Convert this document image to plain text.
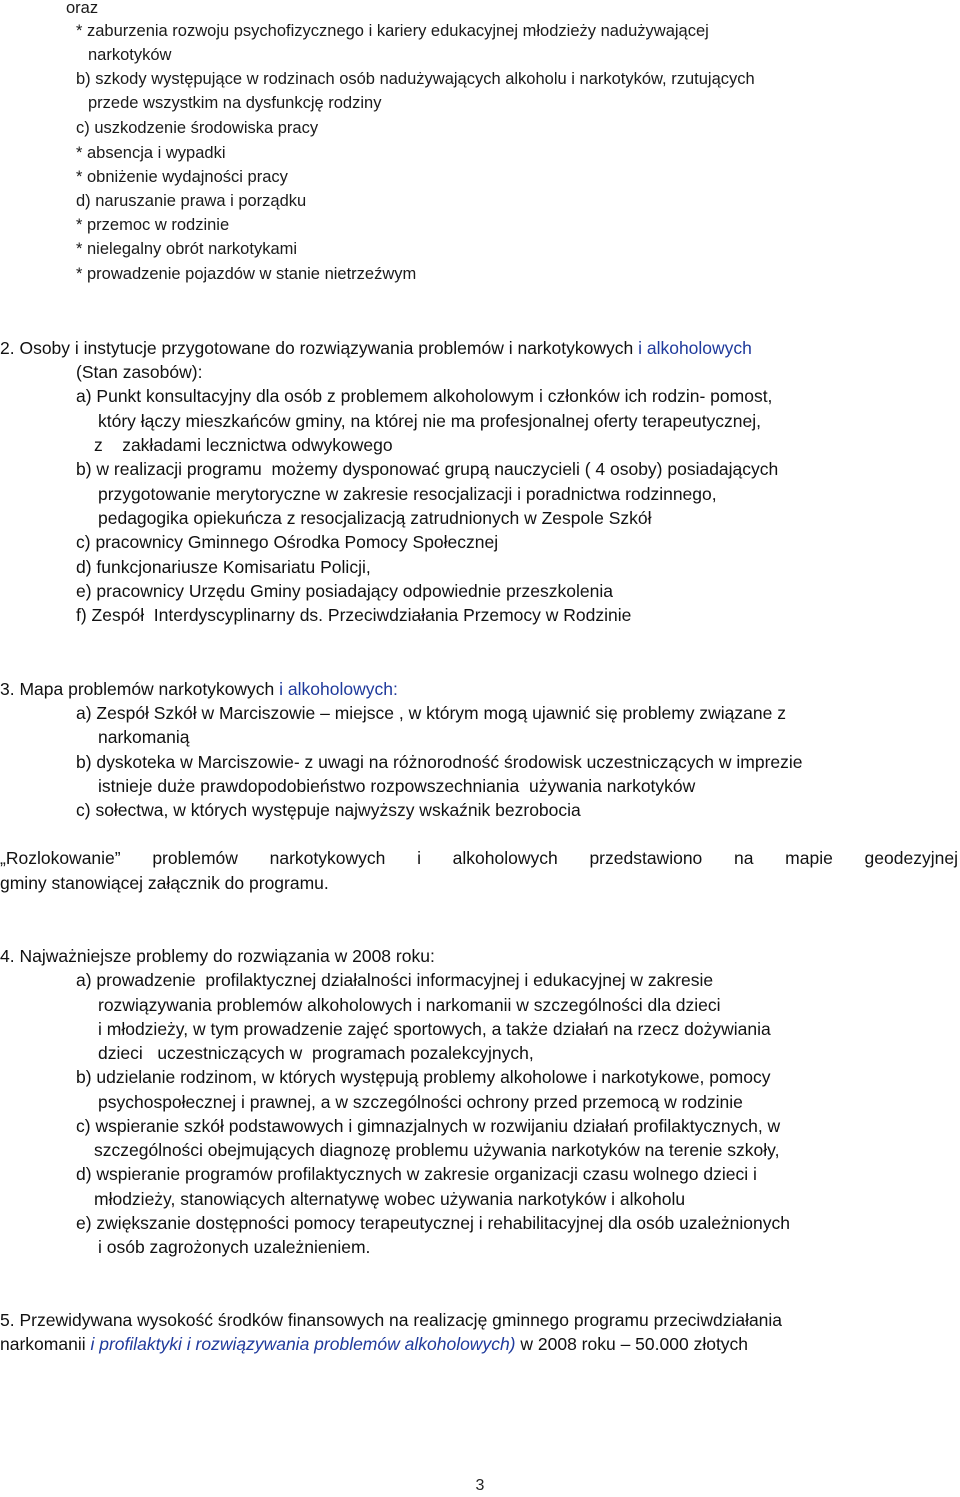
oraz
* zaburzenia rozwoju psychofizycznego i kariery edukacyjnej młodzieży nadużywającej
narkotyków
b) szkody występujące w rodzinach osób nadużywających alkoholu i narkotyków, rzutujących
przede wszystkim na dysfunkcję rodziny
c) uszkodzenie środowiska pracy
* absencja i wypadki
* obniżenie wydajności pracy
d) naruszanie prawa i porządku
* przemoc w rodzinie
* nielegalny obrót narkotykami
* prowadzenie pojazdów w stanie nietrzeźwym
2. Osoby i instytucje przygotowane do rozwiązywania problemów i narkotykowych i alkoholowych
(Stan zasobów):
a) Punkt konsultacyjny dla osób z problemem alkoholowym i członków ich rodzin- pomost,
który łączy mieszkańców gminy, na której nie ma profesjonalnej oferty terapeutycznej,
z    zakładami lecznictwa odwykowego
b) w realizacji programu  możemy dysponować grupą nauczycieli ( 4 osoby) posiadających
przygotowanie merytoryczne w zakresie resocjalizacji i poradnictwa rodzinnego,
pedagogika opiekuńcza z resocjalizacją zatrudnionych w Zespole Szkół
c) pracownicy Gminnego Ośrodka Pomocy Społecznej
d) funkcjonariusze Komisariatu Policji,
e) pracownicy Urzędu Gminy posiadający odpowiednie przeszkolenia
f) Zespół  Interdyscyplinarny ds. Przeciwdziałania Przemocy w Rodzinie
3. Mapa problemów narkotykowych i alkoholowych:
a) Zespół Szkół w Marciszowie – miejsce , w którym mogą ujawnić się problemy związane z
narkomanią
b) dyskoteka w Marciszowie- z uwagi na różnorodność środowisk uczestniczących w imprezie
istnieje duże prawdopodobieństwo rozpowszechniania  używania narkotyków
c) sołectwa, w których występuje najwyższy wskaźnik bezrobocia
„Rozlokowanie” problemów narkotykowych i alkoholowych przedstawiono na mapie geodezyjnej
gminy stanowiącej załącznik do programu.
4. Najważniejsze problemy do rozwiązania w 2008 roku:
a) prowadzenie  profilaktycznej działalności informacyjnej i edukacyjnej w zakresie
rozwiązywania problemów alkoholowych i narkomanii w szczególności dla dzieci
i młodzieży, w tym prowadzenie zajęć sportowych, a także działań na rzecz dożywiania
dzieci   uczestniczących w  programach pozalekcyjnych,
b) udzielanie rodzinom, w których występują problemy alkoholowe i narkotykowe, pomocy
psychospołecznej i prawnej, a w szczególności ochrony przed przemocą w rodzinie
c) wspieranie szkół podstawowych i gimnazjalnych w rozwijaniu działań profilaktycznych, w
szczególności obejmujących diagnozę problemu używania narkotyków na terenie szkoły,
d) wspieranie programów profilaktycznych w zakresie organizacji czasu wolnego dzieci i
młodzieży, stanowiących alternatywę wobec używania narkotyków i alkoholu
e) zwiększanie dostępności pomocy terapeutycznej i rehabilitacyjnej dla osób uzależnionych
i osób zagrożonych uzależnieniem.
5. Przewidywana wysokość środków finansowych na realizację gminnego programu przeciwdziałania
narkomanii i profilaktyki i rozwiązywania problemów alkoholowych) w 2008 roku – 50.000 złotych
3
